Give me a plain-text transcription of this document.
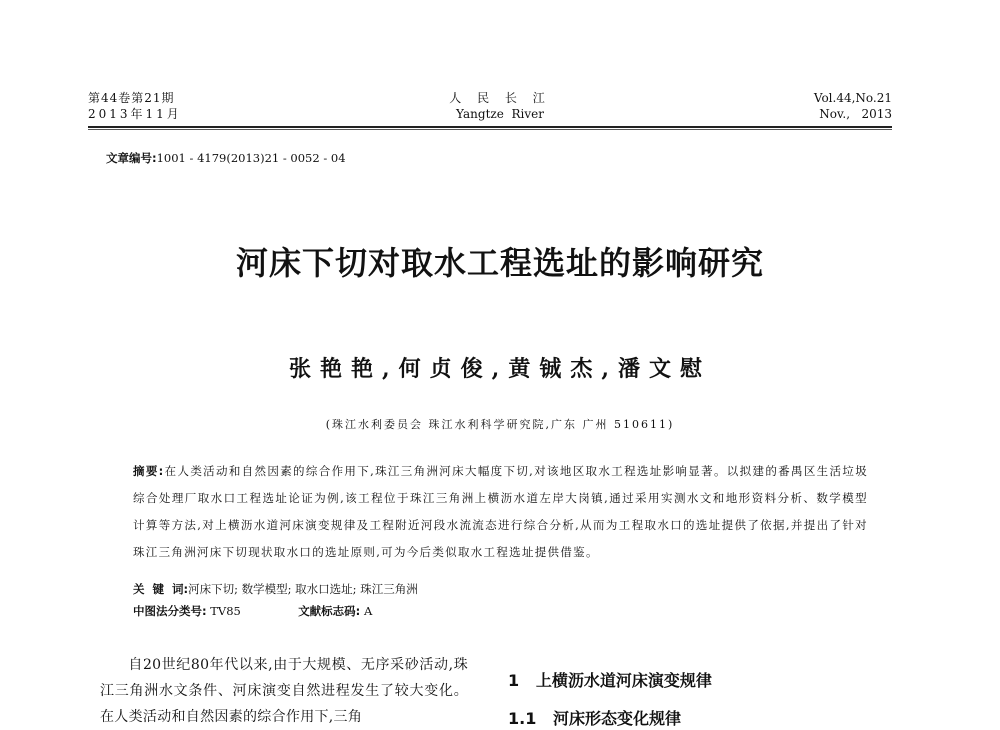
第44卷第21期
2013年11月
人 民 长 江
Yangtze  River
Vol.44,No.21
Nov.,   2013
文章编号:1001 - 4179(2013)21 - 0052 - 04
河床下切对取水工程选址的影响研究
张艳艳,何贞俊,黄铖杰,潘文慰
(珠江水利委员会 珠江水利科学研究院,广东 广州 510611)
摘要:在人类活动和自然因素的综合作用下,珠江三角洲河床大幅度下切,对该地区取水工程选址影响显著。以拟建的番禺区生活垃圾综合处理厂取水口工程选址论证为例,该工程位于珠江三角洲上横沥水道左岸大岗镇,通过采用实测水文和地形资料分析、数学模型计算等方法,对上横沥水道河床演变规律及工程附近河段水流流态进行综合分析,从而为工程取水口的选址提供了依据,并提出了针对珠江三角洲河床下切现状取水口的选址原则,可为今后类似取水工程选址提供借鉴。
关  键  词:河床下切; 数学模型; 取水口选址; 珠江三角洲
中图法分类号: TV85	文献标志码: A
自20世纪80年代以来,由于大规模、无序采砂活动,珠江三角洲水文条件、河床演变自然进程发生了较大变化。在人类活动和自然因素的综合作用下,三角
1   上横沥水道河床演变规律
1.1   河床形态变化规律
